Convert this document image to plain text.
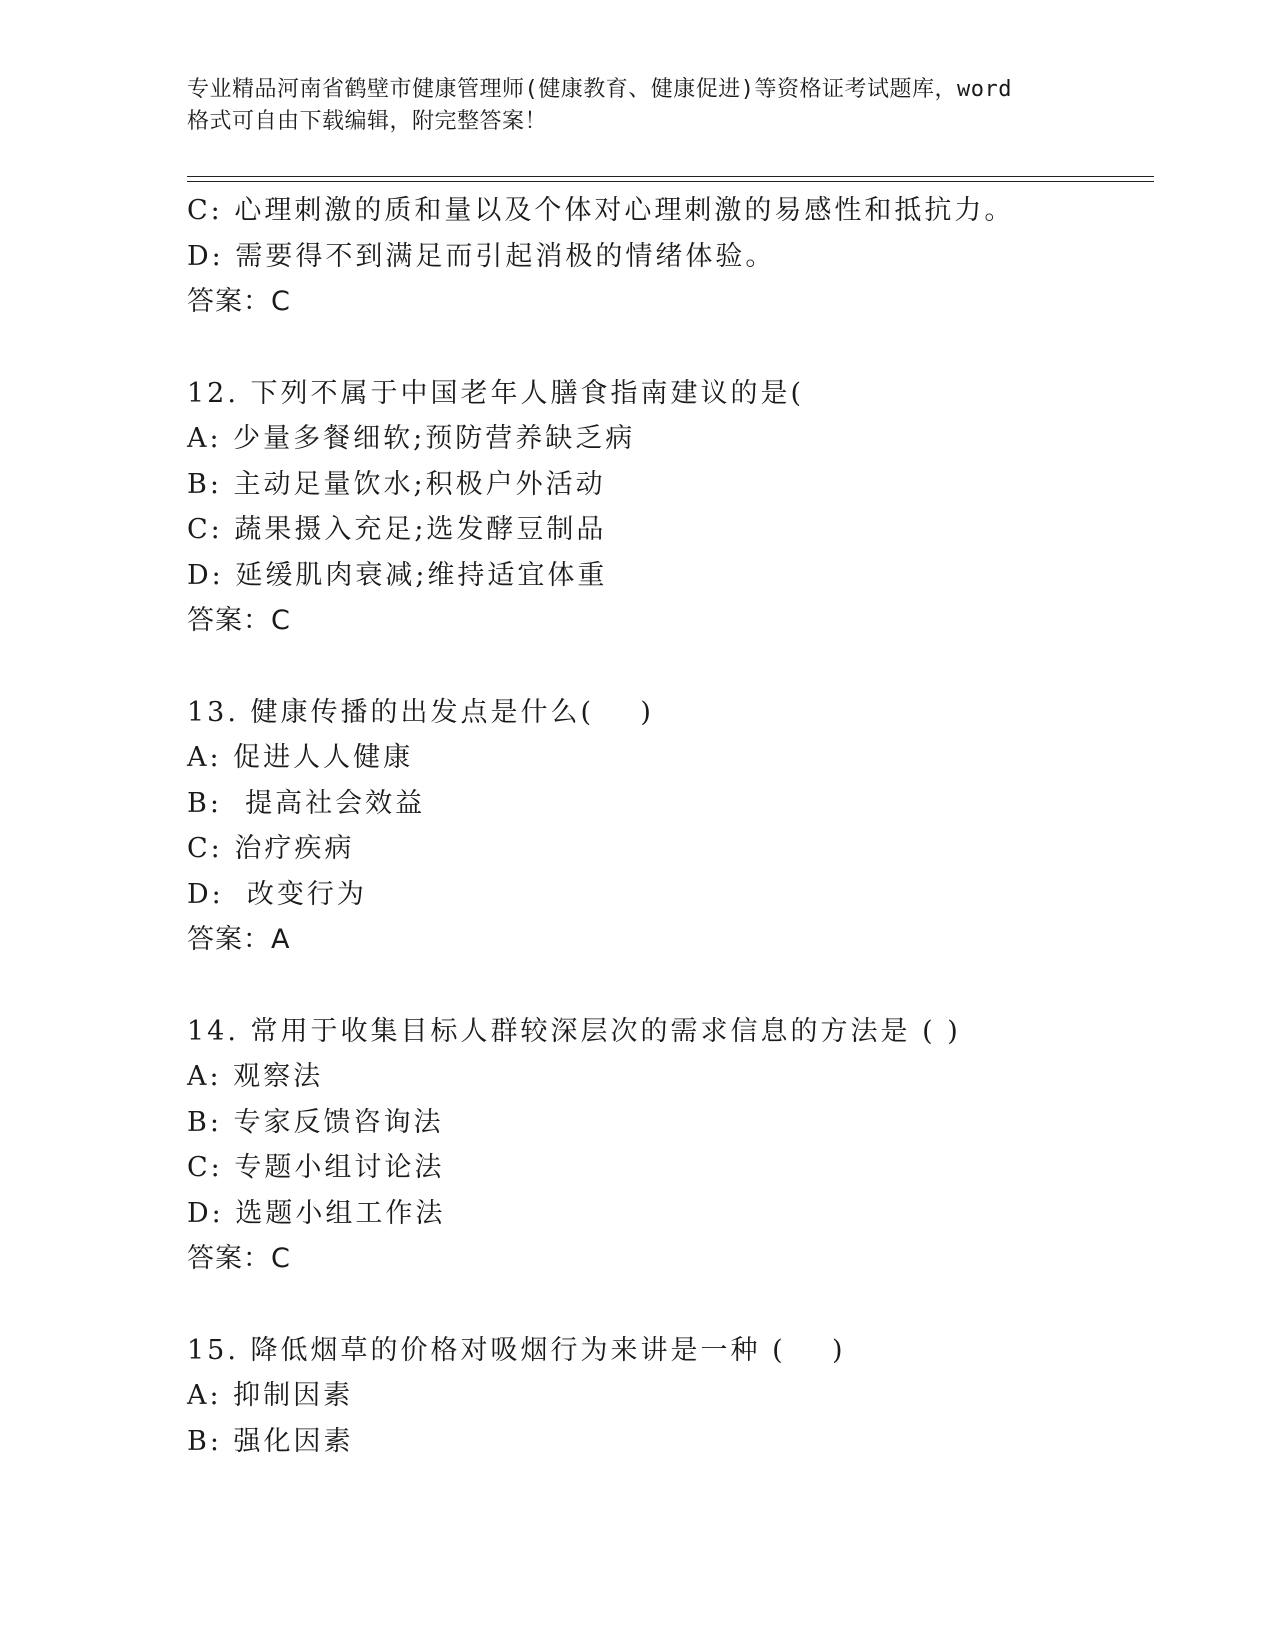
专业精品河南省鹤壁市健康管理师(健康教育、健康促进)等资格证考试题库，word
格式可自由下载编辑，附完整答案！
C: 心理刺激的质和量以及个体对心理刺激的易感性和抵抗力。
D: 需要得不到满足而引起消极的情绪体验。
答案：C
12. 下列不属于中国老年人膳食指南建议的是(
A: 少量多餐细软;预防营养缺乏病
B: 主动足量饮水;积极户外活动
C: 蔬果摄入充足;选发酵豆制品
D: 延缓肌肉衰减;维持适宜体重
答案：C
13. 健康传播的出发点是什么(    )
A: 促进人人健康
B:  提高社会效益
C: 治疗疾病
D:  改变行为
答案：A
14. 常用于收集目标人群较深层次的需求信息的方法是 ( )
A: 观察法
B: 专家反馈咨询法
C: 专题小组讨论法
D: 选题小组工作法
答案：C
15. 降低烟草的价格对吸烟行为来讲是一种 (    )
A: 抑制因素
B: 强化因素
